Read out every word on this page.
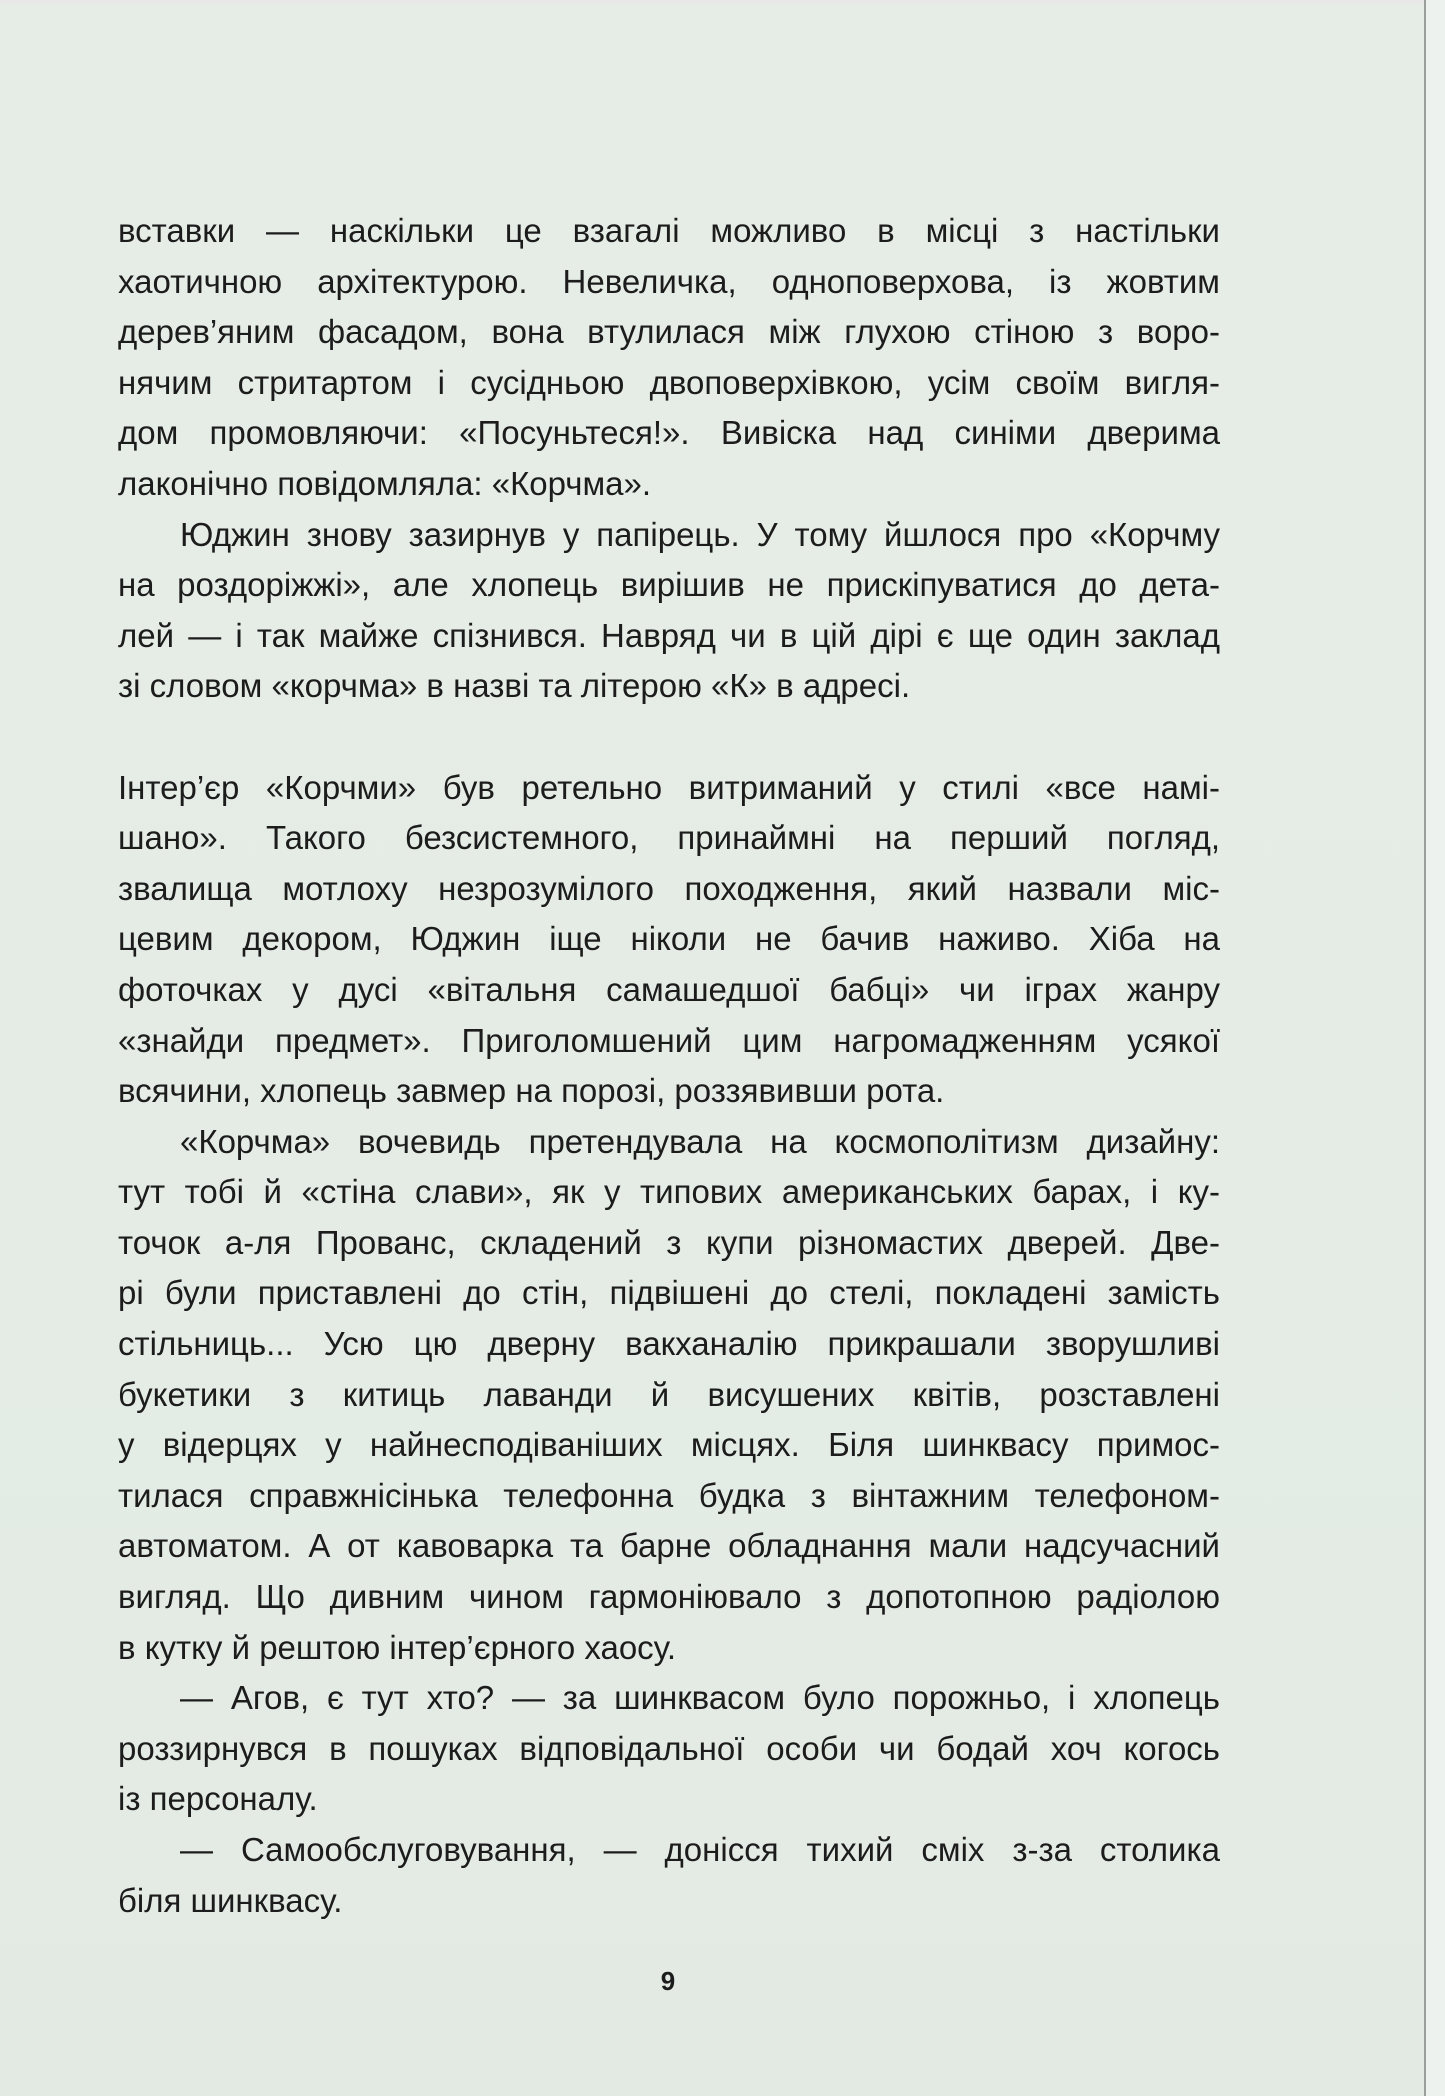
вставки — наскільки це взагалі можливо в місці з настільки
хаотичною архітектурою. Невеличка, одноповерхова, із жовтим
дерев’яним фасадом, вона втулилася між глухою стіною з воро-
нячим стритартом і сусідньою двоповерхівкою, усім своїм вигля-
дом промовляючи: «Посуньтеся!». Вивіска над синіми дверима
лаконічно повідомляла: «Корчма».
Юджин знову зазирнув у папірець. У тому йшлося про «Корчму
на роздоріжжі», але хлопець вирішив не прискіпуватися до дета-
лей — і так майже спізнився. Навряд чи в цій дірі є ще один заклад
зі словом «корчма» в назві та літерою «К» в адресі.
Інтер’єр «Корчми» був ретельно витриманий у стилі «все намі-
шано». Такого безсистемного, принаймні на перший погляд,
звалища мотлоху незрозумілого походження, який назвали міс-
цевим декором, Юджин іще ніколи не бачив наживо. Хіба на
фоточках у дусі «вітальня самашедшої бабці» чи іграх жанру
«знайди предмет». Приголомшений цим нагромадженням усякої
всячини, хлопець завмер на порозі, роззявивши рота.
«Корчма» вочевидь претендувала на космополітизм дизайну:
тут тобі й «стіна слави», як у типових американських барах, і ку-
точок а-ля Прованс, складений з купи різномастих дверей. Две-
рі були приставлені до стін, підвішені до стелі, покладені замість
стільниць... Усю цю дверну вакханалію прикрашали зворушливі
букетики з китиць лаванди й висушених квітів, розставлені
у відерцях у найнесподіваніших місцях. Біля шинквасу примос-
тилася справжнісінька телефонна будка з вінтажним телефоном-
автоматом. А от кавоварка та барне обладнання мали надсучасний
вигляд. Що дивним чином гармоніювало з допотопною радіолою
в кутку й рештою інтер’єрного хаосу.
— Агов, є тут хто? — за шинквасом було порожньо, і хлопець
роззирнувся в пошуках відповідальної особи чи бодай хоч когось
із персоналу.
— Самообслуговування, — донісся тихий сміх з-за столика
біля шинквасу.
9
